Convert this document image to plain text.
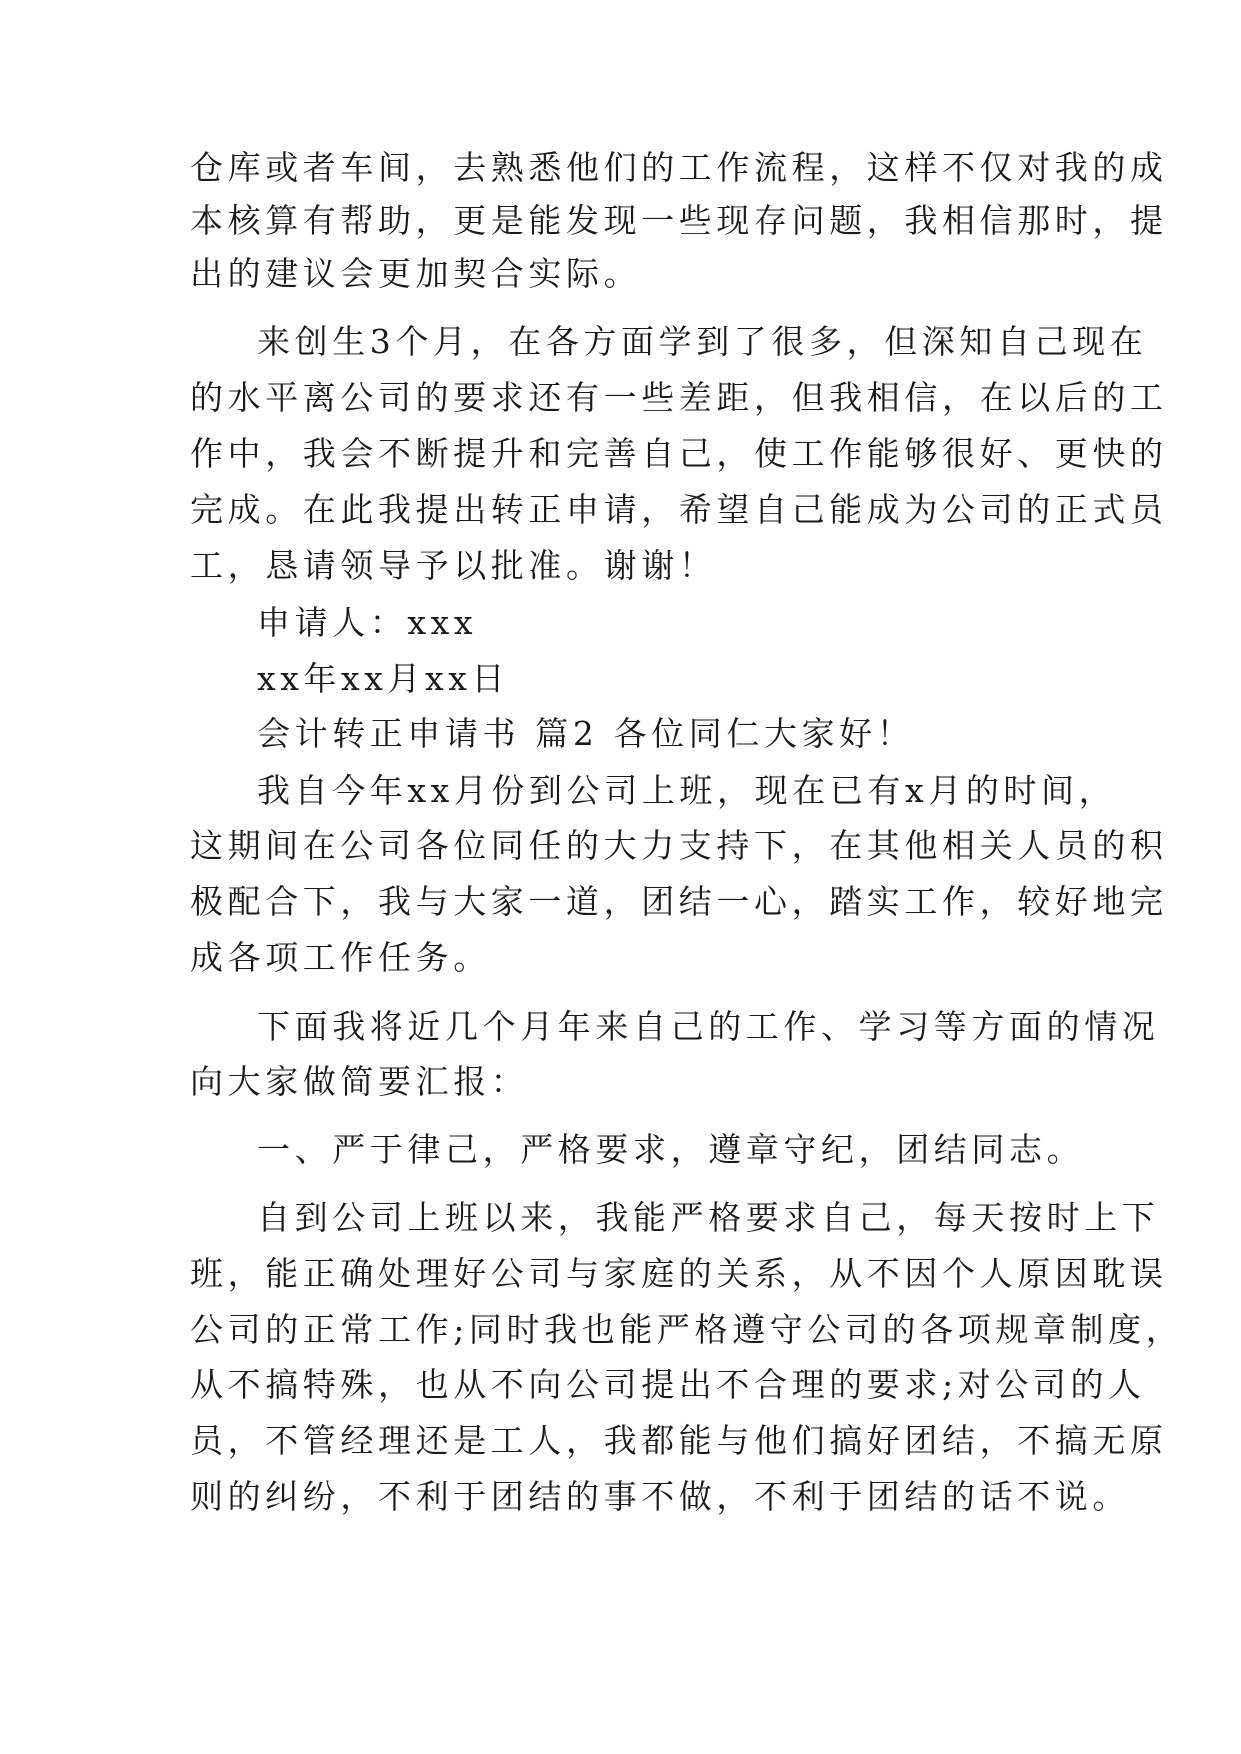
仓库或者车间，去熟悉他们的工作流程，这样不仅对我的成
本核算有帮助，更是能发现一些现存问题，我相信那时，提
出的建议会更加契合实际。
来创生3个月，在各方面学到了很多，但深知自己现在
的水平离公司的要求还有一些差距，但我相信，在以后的工
作中，我会不断提升和完善自己，使工作能够很好、更快的
完成。在此我提出转正申请，希望自己能成为公司的正式员
工，恳请领导予以批准。谢谢！
申请人：xxx
xx年xx月xx日
会计转正申请书 篇2 各位同仁大家好！
我自今年xx月份到公司上班，现在已有x月的时间，
这期间在公司各位同任的大力支持下，在其他相关人员的积
极配合下，我与大家一道，团结一心，踏实工作，较好地完
成各项工作任务。
下面我将近几个月年来自己的工作、学习等方面的情况
向大家做简要汇报：
一、严于律己，严格要求，遵章守纪，团结同志。
自到公司上班以来，我能严格要求自己，每天按时上下
班，能正确处理好公司与家庭的关系，从不因个人原因耽误
公司的正常工作;同时我也能严格遵守公司的各项规章制度，
从不搞特殊，也从不向公司提出不合理的要求;对公司的人
员，不管经理还是工人，我都能与他们搞好团结，不搞无原
则的纠纷，不利于团结的事不做，不利于团结的话不说。
